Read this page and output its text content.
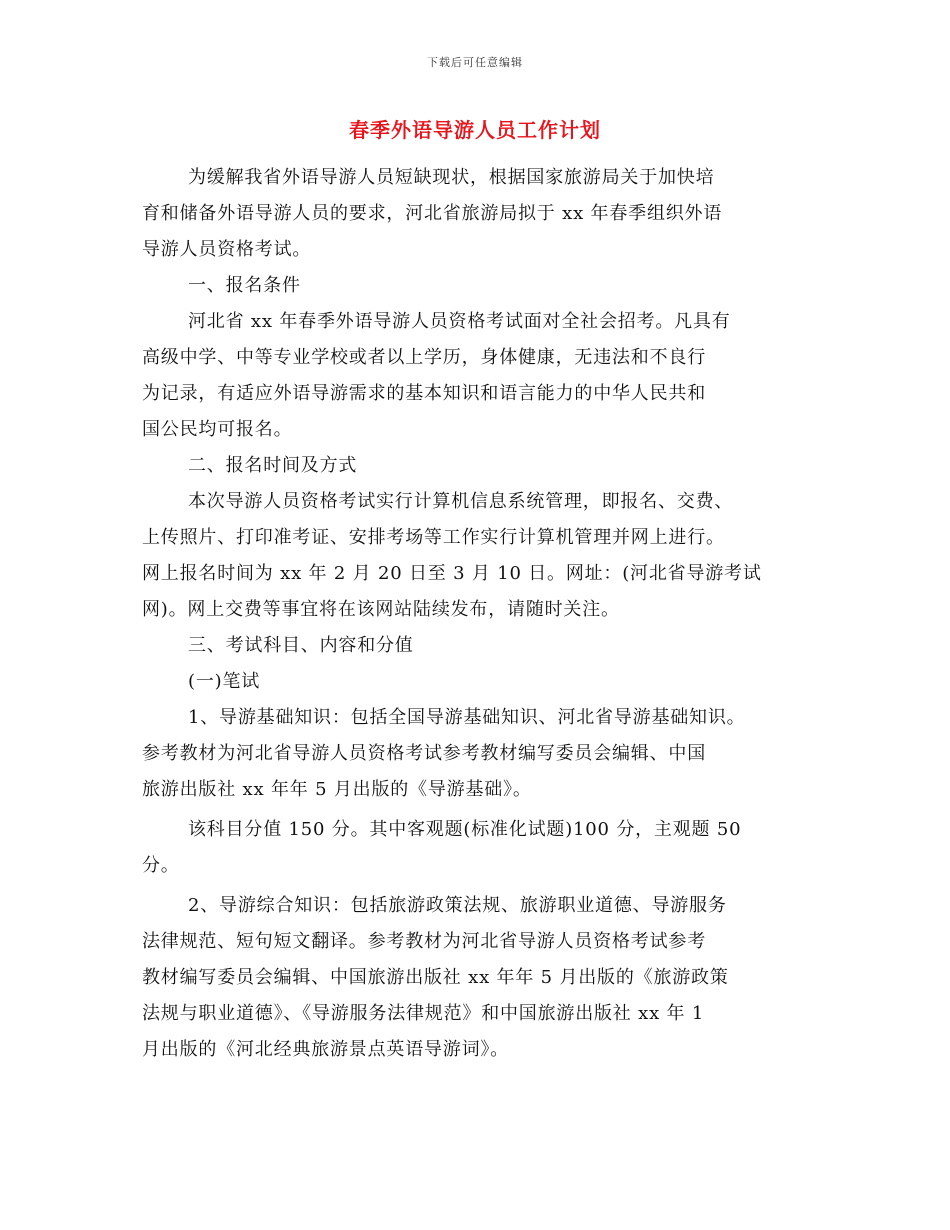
下载后可任意编辑
春季外语导游人员工作计划

为缓解我省外语导游人员短缺现状，根据国家旅游局关于加快培

育和储备外语导游人员的要求，河北省旅游局拟于 xx 年春季组织外语

导游人员资格考试。

一、报名条件

河北省 xx 年春季外语导游人员资格考试面对全社会招考。凡具有

高级中学、中等专业学校或者以上学历，身体健康，无违法和不良行

为记录，有适应外语导游需求的基本知识和语言能力的中华人民共和

国公民均可报名。

二、报名时间及方式

本次导游人员资格考试实行计算机信息系统管理，即报名、交费、

上传照片、打印准考证、安排考场等工作实行计算机管理并网上进行。

网上报名时间为 xx 年 2 月 20 日至 3 月 10 日。网址：(河北省导游考试

网)。网上交费等事宜将在该网站陆续发布，请随时关注。

三、考试科目、内容和分值

(一)笔试

1、导游基础知识：包括全国导游基础知识、河北省导游基础知识。

参考教材为河北省导游人员资格考试参考教材编写委员会编辑、中国

旅游出版社 xx 年年 5 月出版的《导游基础》。

该科目分值 150 分。其中客观题(标准化试题)100 分，主观题 50

分。

2、导游综合知识：包括旅游政策法规、旅游职业道德、导游服务

法律规范、短句短文翻译。参考教材为河北省导游人员资格考试参考

教材编写委员会编辑、中国旅游出版社 xx 年年 5 月出版的《旅游政策

法规与职业道德》、《导游服务法律规范》和中国旅游出版社 xx 年 1

月出版的《河北经典旅游景点英语导游词》。
